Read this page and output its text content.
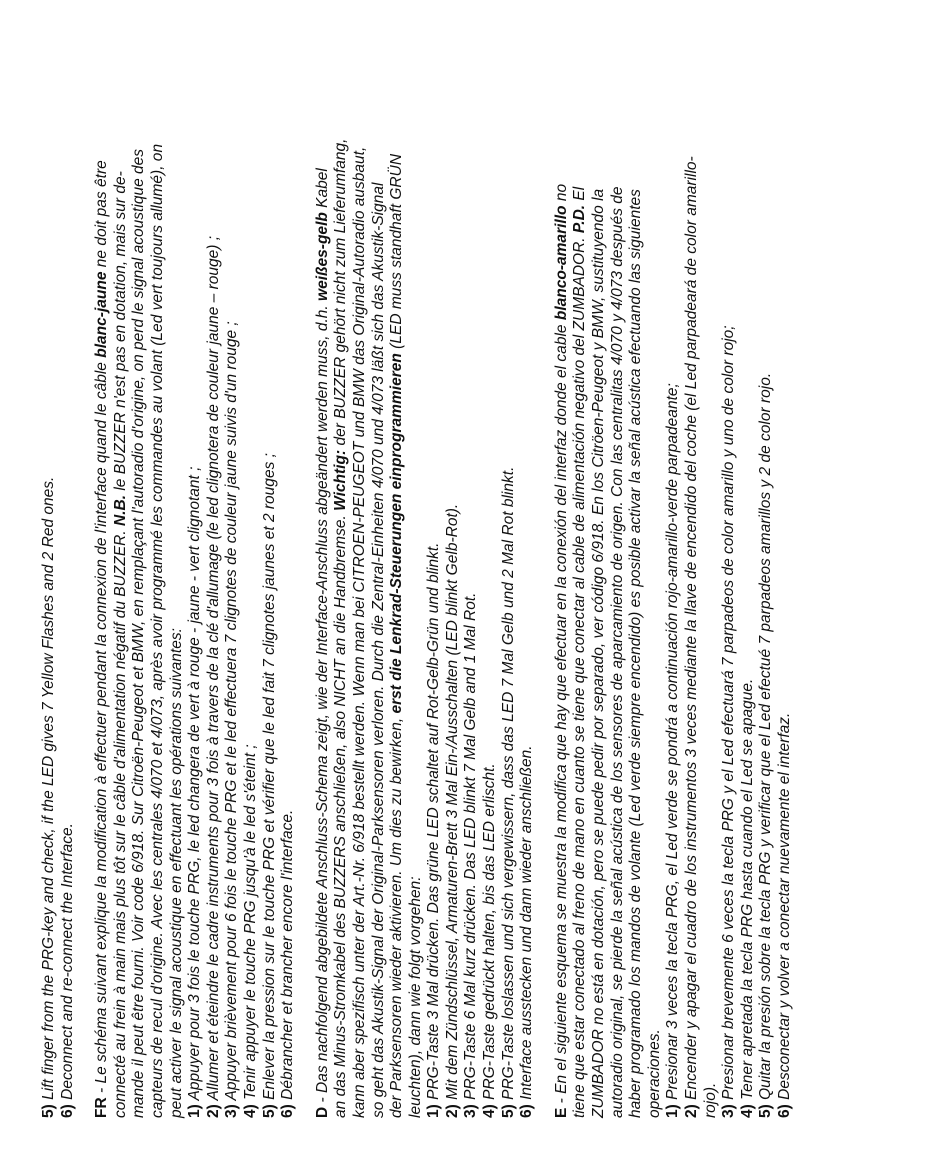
5) Lift finger from the PRG-key and check, if the LED gives 7 Yellow Flashes and 2 Red ones.
6) Deconnect and re-connect the Interface.
FR - Le schéma suivant explique la modification à effectuer pendant la connexion de l'interface quand le câble blanc-jaune ne doit pas être
connecté au frein à main mais plus tôt sur le câble d'alimentation négatif du BUZZER. N.B. le BUZZER n'est pas en dotation, mais sur de- mande il peut être fourni. Voir code 6/918. Sur Citroën-Peugeot et BMW, en remplaçant l'autoradio d'origine, on perd le signal acoustique des capteurs de recul d'origine. Avec les centrales 4/070 et 4/073, après avoir programmé les commandes au volant (Led vert toujours allumé), on peut activer le signal acoustique en effectuant les opérations suivantes: 1) Appuyer pour 3 fois le touche PRG, le led changera de vert à rouge - jaune - vert clignotant ;
2) Allumer et éteindre le cadre instruments pour 3 fois à travers de la clé d'allumage (le led clignotera de couleur jaune – rouge) ;
3) Appuyer brièvement pour 6 fois le touche PRG et le led effectuera 7 clignotes de couleur jaune suivis d'un rouge ;
4) Tenir appuyer le touche PRG jusqu'à le led s'éteint ;
5) Enlever la pression sur le touche PRG et vérifier que le led fait 7 clignotes jaunes et 2 rouges ;
6) Débrancher et brancher encore l'interface.
D - Das nachfolgend abgebildete Anschluss-Schema zeigt, wie der Interface-Anschluss abgeändert werden muss, d.h. weißes-gelb Kabel
an das Minus-Stromkabel des BUZZERS anschließen, also NICHT an die Handbremse. Wichtig: der BUZZER gehört nicht zum Lieferumfang, kann aber spezifisch unter der Art.-Nr. 6/918 bestellt werden. Wenn man bei CITROEN-PEUGEOT und BMW das Original-Autoradio ausbaut, so geht das Akustik-Signal der Original-Parksensoren verloren. Durch die Zentral-Einheiten 4/070 und 4/073 läßt sich das Akustik-Signal der Parksensoren wieder aktivieren. Um dies zu bewirken, erst die Lenkrad-Steuerungen einprogrammieren (LED muss standhaft GRÜN
leuchten), dann wie folgt vorgehen: 1) PRG-Taste 3 Mal drücken. Das grüne LED schaltet auf Rot-Gelb-Grün und blinkt.
2) Mit dem Zündschlüssel, Armaturen-Brett 3 Mal Ein-/Ausschalten (LED blinkt Gelb-Rot).
3) PRG-Taste 6 Mal kurz drücken. Das LED blinkt 7 Mal Gelb and 1 Mal Rot.
4) PRG-Taste gedrückt halten, bis das LED erlischt.
5) PRG-Taste loslassen und sich vergewissern, dass das LED 7 Mal Gelb und 2 Mal Rot blinkt.
6) Interface ausstecken und dann wieder anschließen.
E - En el siguiente esquema se muestra la modifica que hay que efectuar en la conexión del interfaz donde el cable blanco-amarillo no
tiene que estar conectado al freno de mano en cuanto se tiene que conectar al cable de alimentación negativo del ZUMBADOR. P.D. El ZUMBADOR no está en dotación, pero se puede pedir por separado, ver código 6/918. En los Citröen-Peugeot y BMW, sustituyendo la autoradio original, se pierde la señal acústica de los sensores de aparcamiento de origen. Con las centralitas 4/070 y 4/073 después de haber programado los mandos de volante (Led verde siempre encendido) es posible activar la señal acústica efectuando las siguientes operaciones. 1) Presionar 3 veces la tecla PRG, el Led verde se pondrá a continuación rojo-amarillo-verde parpadeante;
2) Encender y apagar el cuadro de los instrumentos 3 veces mediante la llave de encendido del coche (el Led parpadeará de color amarillo- rojo). 3) Presionar brevemente 6 veces la tecla PRG y el Led efectuará 7 parpadeos de color amarillo y uno de color rojo;
4) Tener apretada la tecla PRG hasta cuando el Led se apague.
5) Quitar la presión sobre la tecla PRG y verificar que el Led efectué 7 parpadeos amarillos y 2 de color rojo.
6) Desconectar y volver a conectar nuevamente el interfaz.
